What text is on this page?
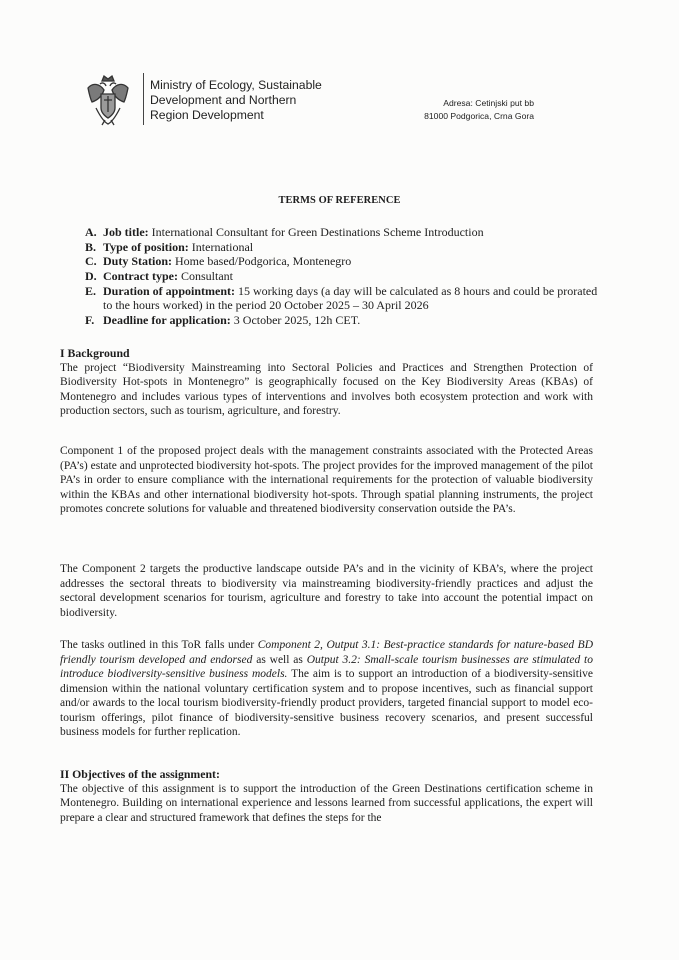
Ministry of Ecology, Sustainable
Development and Northern
Region Development
Adresa: Cetinjski put bb
81000 Podgorica, Crna Gora
TERMS OF REFERENCE
A. Job title: International Consultant for Green Destinations Scheme Introduction
B. Type of position: International
C. Duty Station: Home based/Podgorica, Montenegro
D. Contract type: Consultant
E. Duration of appointment: 15 working days (a day will be calculated as 8 hours and could be prorated to the hours worked) in the period 20 October 2025 – 30 April 2026
F. Deadline for application: 3 October 2025, 12h CET.
I Background

The project “Biodiversity Mainstreaming into Sectoral Policies and Practices and Strengthen Protection of Biodiversity Hot-spots in Montenegro” is geographically focused on the Key Biodiversity Areas (KBAs) of Montenegro and includes various types of interventions and involves both ecosystem protection and work with production sectors, such as tourism, agriculture, and forestry.

Component 1 of the proposed project deals with the management constraints associated with the Protected Areas (PA’s) estate and unprotected biodiversity hot-spots. The project provides for the improved management of the pilot PA’s in order to ensure compliance with the international requirements for the protection of valuable biodiversity within the KBAs and other international biodiversity hot-spots. Through spatial planning instruments, the project promotes concrete solutions for valuable and threatened biodiversity conservation outside the PA’s.

The Component 2 targets the productive landscape outside PA’s and in the vicinity of KBA’s, where the project addresses the sectoral threats to biodiversity via mainstreaming biodiversity-friendly practices and adjust the sectoral development scenarios for tourism, agriculture and forestry to take into account the potential impact on biodiversity.

The tasks outlined in this ToR falls under Component 2, Output 3.1: Best-practice standards for nature-based BD friendly tourism developed and endorsed as well as Output 3.2: Small-scale tourism businesses are stimulated to introduce biodiversity-sensitive business models. The aim is to support an introduction of a biodiversity-sensitive dimension within the national voluntary certification system and to propose incentives, such as financial support and/or awards to the local tourism biodiversity-friendly product providers, targeted financial support to model eco-tourism offerings, pilot finance of biodiversity-sensitive business recovery scenarios, and present successful business models for further replication.

II Objectives of the assignment:

The objective of this assignment is to support the introduction of the Green Destinations certification scheme in Montenegro. Building on international experience and lessons learned from successful applications, the expert will prepare a clear and structured framework that defines the steps for the
